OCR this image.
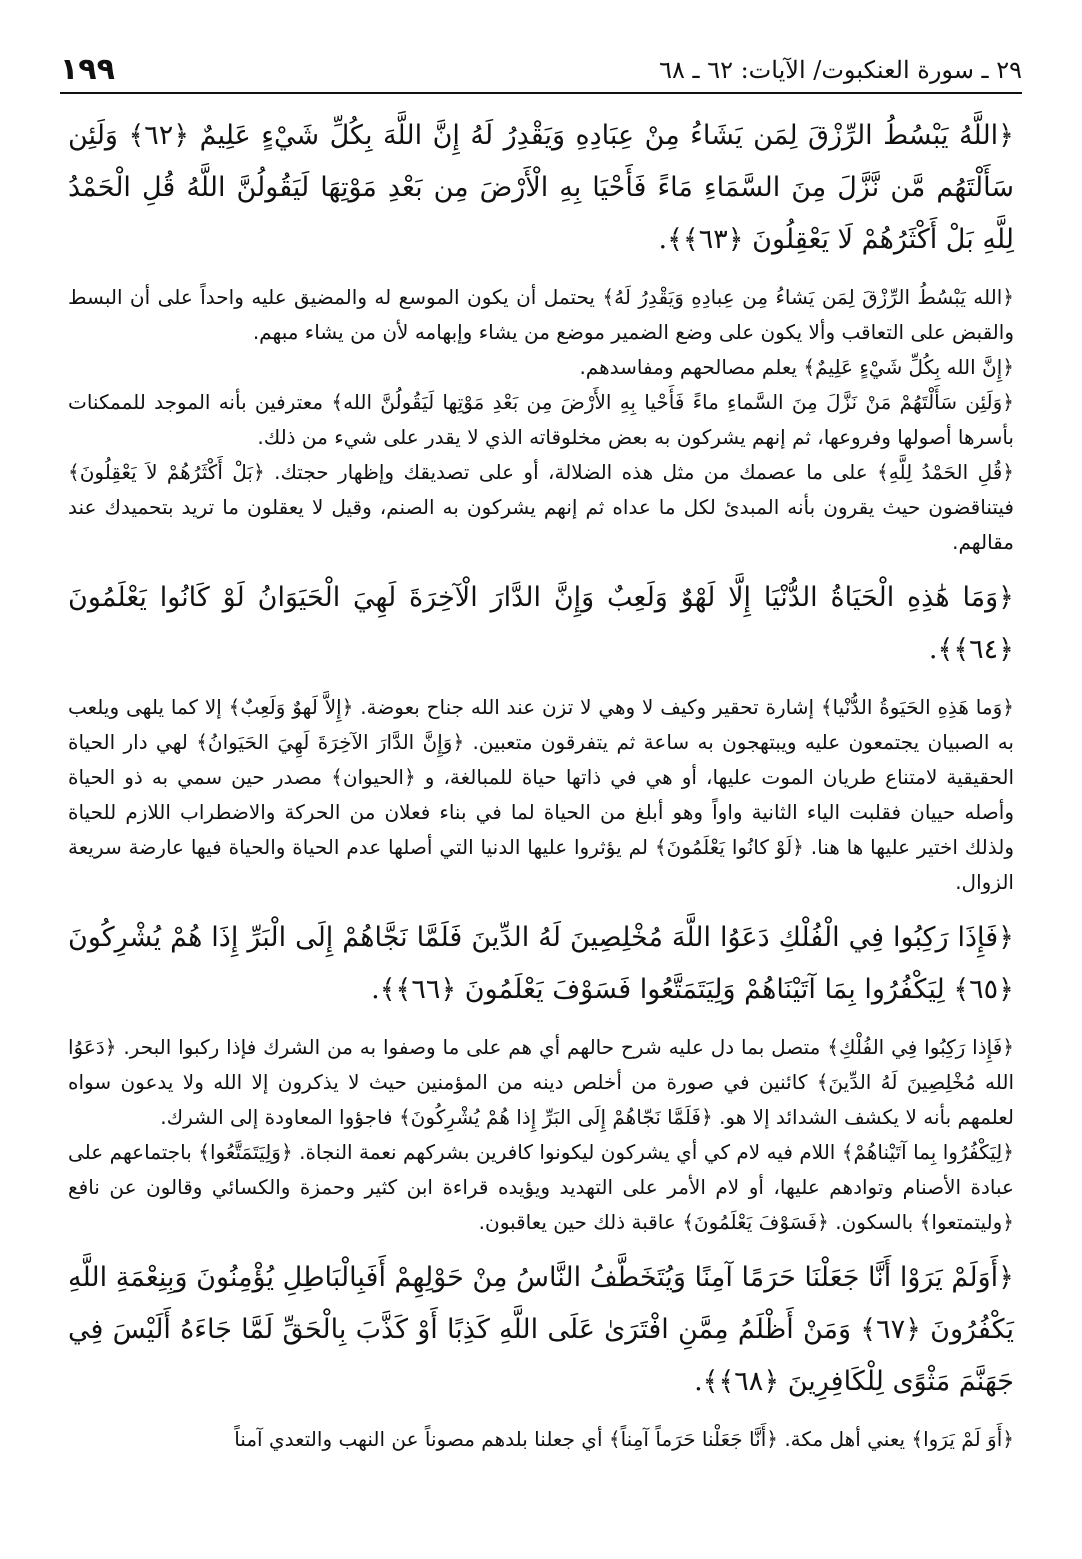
٢٩ ـ سورة العنكبوت/ الآيات: ٦٢ ـ ٦٨
١٩٩

﴿اللَّهُ يَبْسُطُ الرِّزْقَ لِمَن يَشَاءُ مِنْ عِبَادِهِ وَيَقْدِرُ لَهُ إِنَّ اللَّهَ بِكُلِّ شَيْءٍ عَلِيمٌ ﴿٦٢﴾ وَلَئِن سَأَلْتَهُم مَّن نَّزَّلَ مِنَ السَّمَاءِ مَاءً فَأَحْيَا بِهِ الْأَرْضَ مِن بَعْدِ مَوْتِهَا لَيَقُولُنَّ اللَّهُ قُلِ الْحَمْدُ لِلَّهِ بَلْ أَكْثَرُهُمْ لَا يَعْقِلُونَ ﴿٦٣﴾﴾.

﴿الله يَبْسُطُ الرِّزْقَ لِمَن يَشاءُ مِن عِبادِهِ وَيَقْدِرُ لَهُ﴾ يحتمل أن يكون الموسع له والمضيق عليه واحداً على أن البسط والقبض على التعاقب وألا يكون على وضع الضمير موضع من يشاء وإبهامه لأن من يشاء مبهم.

﴿إِنَّ الله بِكُلِّ شَيْءٍ عَلِيمٌ﴾ يعلم مصالحهم ومفاسدهم.

﴿وَلَئِن سَأَلْتَهُمْ مَنْ نَزَّلَ مِنَ السَّماءِ ماءً فَأَحْيا بِهِ الأَرْضَ مِن بَعْدِ مَوْتِها لَيَقُولُنَّ الله﴾ معترفين بأنه الموجد للممكنات بأسرها أصولها وفروعها، ثم إنهم يشركون به بعض مخلوقاته الذي لا يقدر على شيء من ذلك.

﴿قُلِ الحَمْدُ لِلَّهِ﴾ على ما عصمك من مثل هذه الضلالة، أو على تصديقك وإظهار حجتك. ﴿بَلْ أَكْثَرُهُمْ لاَ يَعْقِلُونَ﴾ فيتناقضون حيث يقرون بأنه المبدئ لكل ما عداه ثم إنهم يشركون به الصنم، وقيل لا يعقلون ما تريد بتحميدك عند مقالهم.

﴿وَمَا هَٰذِهِ الْحَيَاةُ الدُّنْيَا إِلَّا لَهْوٌ وَلَعِبٌ وَإِنَّ الدَّارَ الْآخِرَةَ لَهِيَ الْحَيَوَانُ لَوْ كَانُوا يَعْلَمُونَ ﴿٦٤﴾﴾.

﴿وَما هَذِهِ الحَيَوةُ الدُّنْيا﴾ إشارة تحقير وكيف لا وهي لا تزن عند الله جناح بعوضة. ﴿إِلاَّ لَهوٌ وَلَعِبٌ﴾ إلا كما يلهى ويلعب به الصبيان يجتمعون عليه ويبتهجون به ساعة ثم يتفرقون متعبين. ﴿وَإِنَّ الدَّارَ الآخِرَةَ لَهِيَ الحَيَوانُ﴾ لهي دار الحياة الحقيقية لامتناع طريان الموت عليها، أو هي في ذاتها حياة للمبالغة، و ﴿الحيوان﴾ مصدر حين سمي به ذو الحياة وأصله حييان فقلبت الياء الثانية واواً وهو أبلغ من الحياة لما في بناء فعلان من الحركة والاضطراب اللازم للحياة ولذلك اختير عليها ها هنا. ﴿لَوْ كانُوا يَعْلَمُونَ﴾ لم يؤثروا عليها الدنيا التي أصلها عدم الحياة والحياة فيها عارضة سريعة الزوال.

﴿فَإِذَا رَكِبُوا فِي الْفُلْكِ دَعَوُا اللَّهَ مُخْلِصِينَ لَهُ الدِّينَ فَلَمَّا نَجَّاهُمْ إِلَى الْبَرِّ إِذَا هُمْ يُشْرِكُونَ ﴿٦٥﴾ لِيَكْفُرُوا بِمَا آتَيْنَاهُمْ وَلِيَتَمَتَّعُوا فَسَوْفَ يَعْلَمُونَ ﴿٦٦﴾﴾.

﴿فَإِذا رَكِبُوا فِي الفُلْكِ﴾ متصل بما دل عليه شرح حالهم أي هم على ما وصفوا به من الشرك فإذا ركبوا البحر. ﴿دَعَوُا الله مُخْلِصِينَ لَهُ الدِّينَ﴾ كائنين في صورة من أخلص دينه من المؤمنين حيث لا يذكرون إلا الله ولا يدعون سواه لعلمهم بأنه لا يكشف الشدائد إلا هو. ﴿فَلَمَّا نَجّاهُمْ إِلَى البَرِّ إِذا هُمْ يُشْرِكُونَ﴾ فاجؤوا المعاودة إلى الشرك.

﴿لِيَكْفُرُوا بِما آتَيْناهُمْ﴾ اللام فيه لام كي أي يشركون ليكونوا كافرين بشركهم نعمة النجاة. ﴿وَلِيَتَمَتَّعُوا﴾ باجتماعهم على عبادة الأصنام وتوادهم عليها، أو لام الأمر على التهديد ويؤيده قراءة ابن كثير وحمزة والكسائي وقالون عن نافع ﴿وليتمتعوا﴾ بالسكون. ﴿فَسَوْفَ يَعْلَمُونَ﴾ عاقبة ذلك حين يعاقبون.

﴿أَوَلَمْ يَرَوْا أَنَّا جَعَلْنَا حَرَمًا آمِنًا وَيُتَخَطَّفُ النَّاسُ مِنْ حَوْلِهِمْ أَفَبِالْبَاطِلِ يُؤْمِنُونَ وَبِنِعْمَةِ اللَّهِ يَكْفُرُونَ ﴿٦٧﴾ وَمَنْ أَظْلَمُ مِمَّنِ افْتَرَىٰ عَلَى اللَّهِ كَذِبًا أَوْ كَذَّبَ بِالْحَقِّ لَمَّا جَاءَهُ أَلَيْسَ فِي جَهَنَّمَ مَثْوًى لِلْكَافِرِينَ ﴿٦٨﴾﴾.

﴿أَوَ لَمْ يَرَوا﴾ يعني أهل مكة. ﴿أَنَّا جَعَلْنا حَرَماً آمِناً﴾ أي جعلنا بلدهم مصوناً عن النهب والتعدي آمناً
